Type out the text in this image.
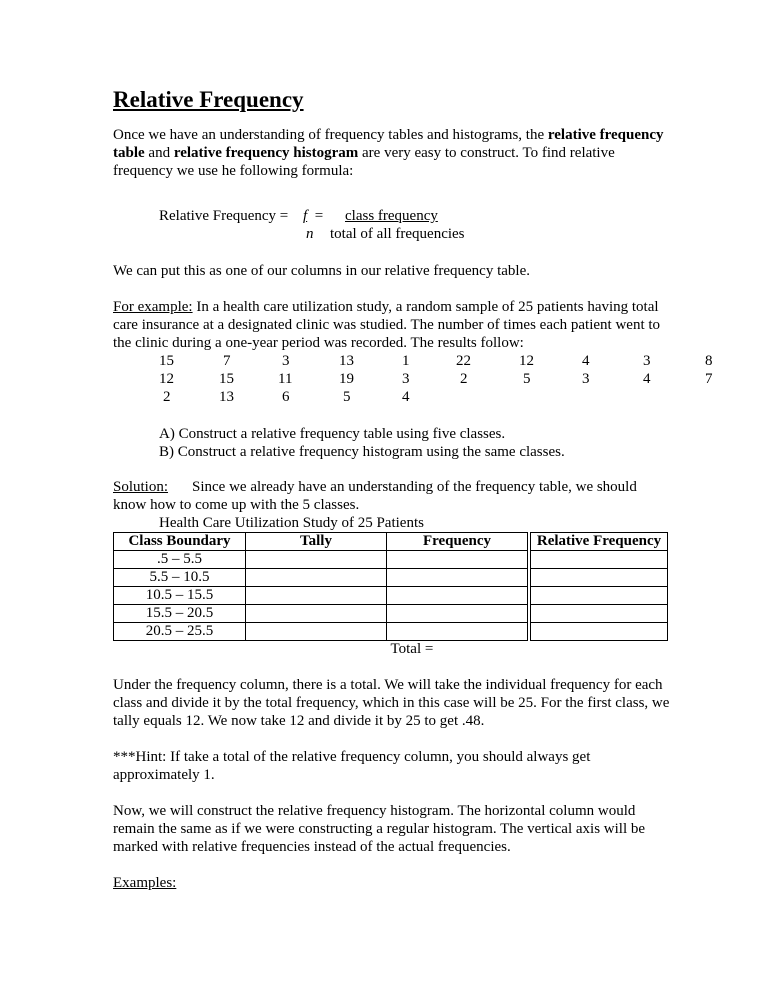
Relative Frequency

Once we have an understanding of frequency tables and histograms, the relative frequency table and relative frequency histogram are very easy to construct. To find relative frequency we use he following formula:

Relative Frequency = f =	class frequency
n total of all frequencies

We can put this as one of our columns in our relative frequency table.

For example: In a health care utilization study, a random sample of 25 patients having total care insurance at a designated clinic was studied. The number of times each patient went to the clinic during a one-year period was recorded. The results follow:

15	7	3	13	1	22	12	4	3	8
12	15	11	19	3	2	5	3	4	7
2	13	6	5	4
A) Construct a relative frequency table using five classes.
B) Construct a relative frequency histogram using the same classes.

Solution: Since we already have an understanding of the frequency table, we should know how to come up with the 5 classes.

Health Care Utilization Study of 25 Patients
Class Boundary	Tally	Frequency		Relative Frequency
.5 – 5.5				
5.5 – 10.5				
10.5 – 15.5				
15.5 – 20.5				
20.5 – 25.5				
		Total =		

Under the frequency column, there is a total. We will take the individual frequency for each class and divide it by the total frequency, which in this case will be 25. For the first class, we tally equals 12. We now take 12 and divide it by 25 to get .48.

***Hint: If take a total of the relative frequency column, you should always get approximately 1.

Now, we will construct the relative frequency histogram. The horizontal column would remain the same as if we were constructing a regular histogram. The vertical axis will be marked with relative frequencies instead of the actual frequencies.

Examples:
